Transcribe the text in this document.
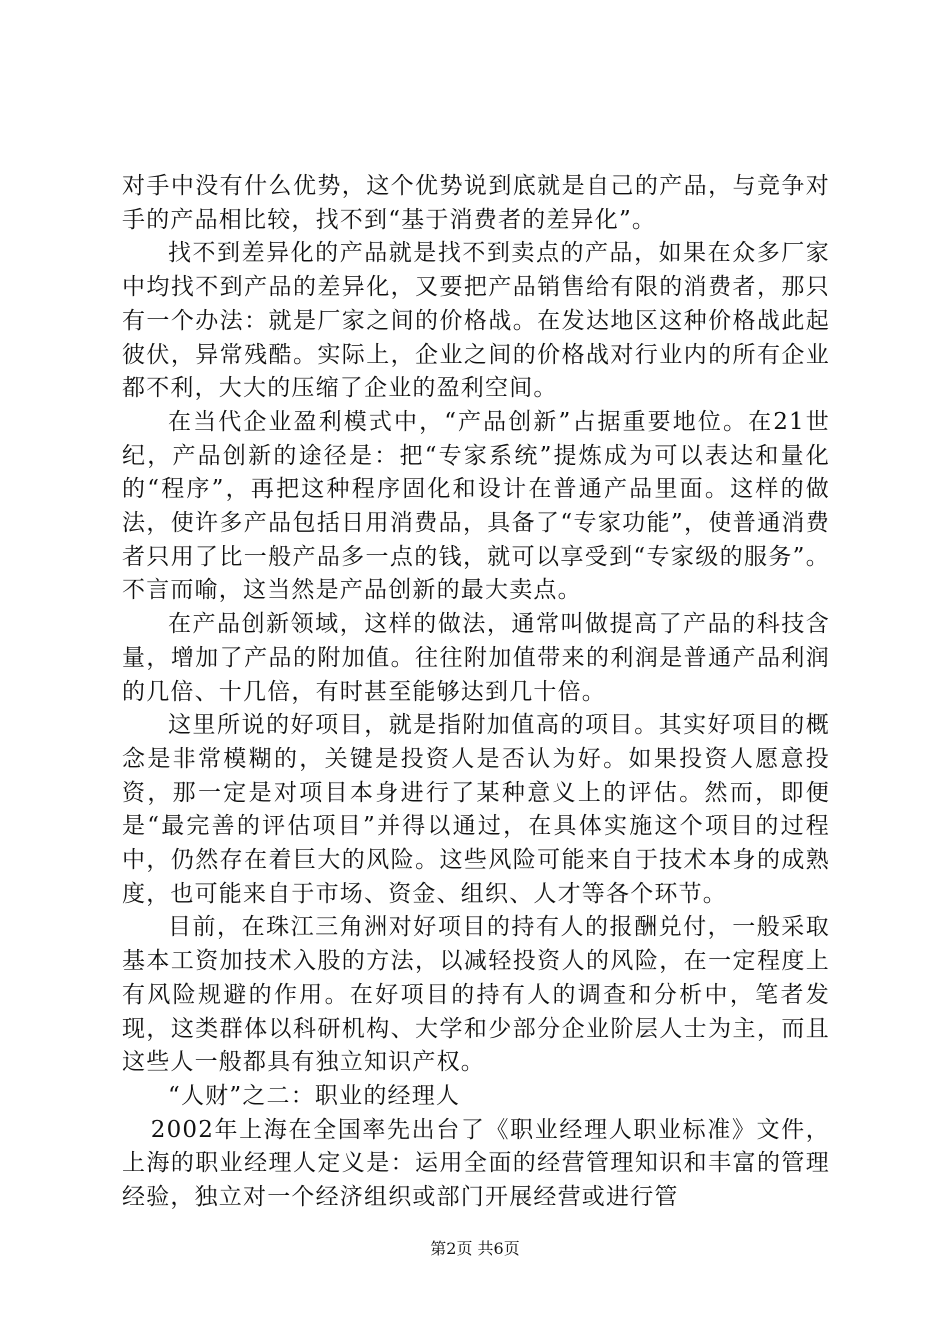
对手中没有什么优势，这个优势说到底就是自己的产品，与竞争对手的产品相比较，找不到“基于消费者的差异化”。

找不到差异化的产品就是找不到卖点的产品，如果在众多厂家中均找不到产品的差异化，又要把产品销售给有限的消费者，那只有一个办法：就是厂家之间的价格战。在发达地区这种价格战此起彼伏，异常残酷。实际上，企业之间的价格战对行业内的所有企业都不利，大大的压缩了企业的盈利空间。

在当代企业盈利模式中，“产品创新”占据重要地位。在21世纪，产品创新的途径是：把“专家系统”提炼成为可以表达和量化的“程序”，再把这种程序固化和设计在普通产品里面。这样的做法，使许多产品包括日用消费品，具备了“专家功能”，使普通消费者只用了比一般产品多一点的钱，就可以享受到“专家级的服务”。不言而喻，这当然是产品创新的最大卖点。

在产品创新领域，这样的做法，通常叫做提高了产品的科技含量，增加了产品的附加值。往往附加值带来的利润是普通产品利润的几倍、十几倍，有时甚至能够达到几十倍。

这里所说的好项目，就是指附加值高的项目。其实好项目的概念是非常模糊的，关键是投资人是否认为好。如果投资人愿意投资，那一定是对项目本身进行了某种意义上的评估。然而，即便是“最完善的评估项目”并得以通过，在具体实施这个项目的过程中，仍然存在着巨大的风险。这些风险可能来自于技术本身的成熟度，也可能来自于市场、资金、组织、人才等各个环节。

目前，在珠江三角洲对好项目的持有人的报酬兑付，一般采取基本工资加技术入股的方法，以减轻投资人的风险，在一定程度上有风险规避的作用。在好项目的持有人的调查和分析中，笔者发现，这类群体以科研机构、大学和少部分企业阶层人士为主，而且这些人一般都具有独立知识产权。

“人财”之二：职业的经理人

2002年上海在全国率先出台了《职业经理人职业标准》文件，上海的职业经理人定义是：运用全面的经营管理知识和丰富的管理经验，独立对一个经济组织或部门开展经营或进行管

第2页 共6页
